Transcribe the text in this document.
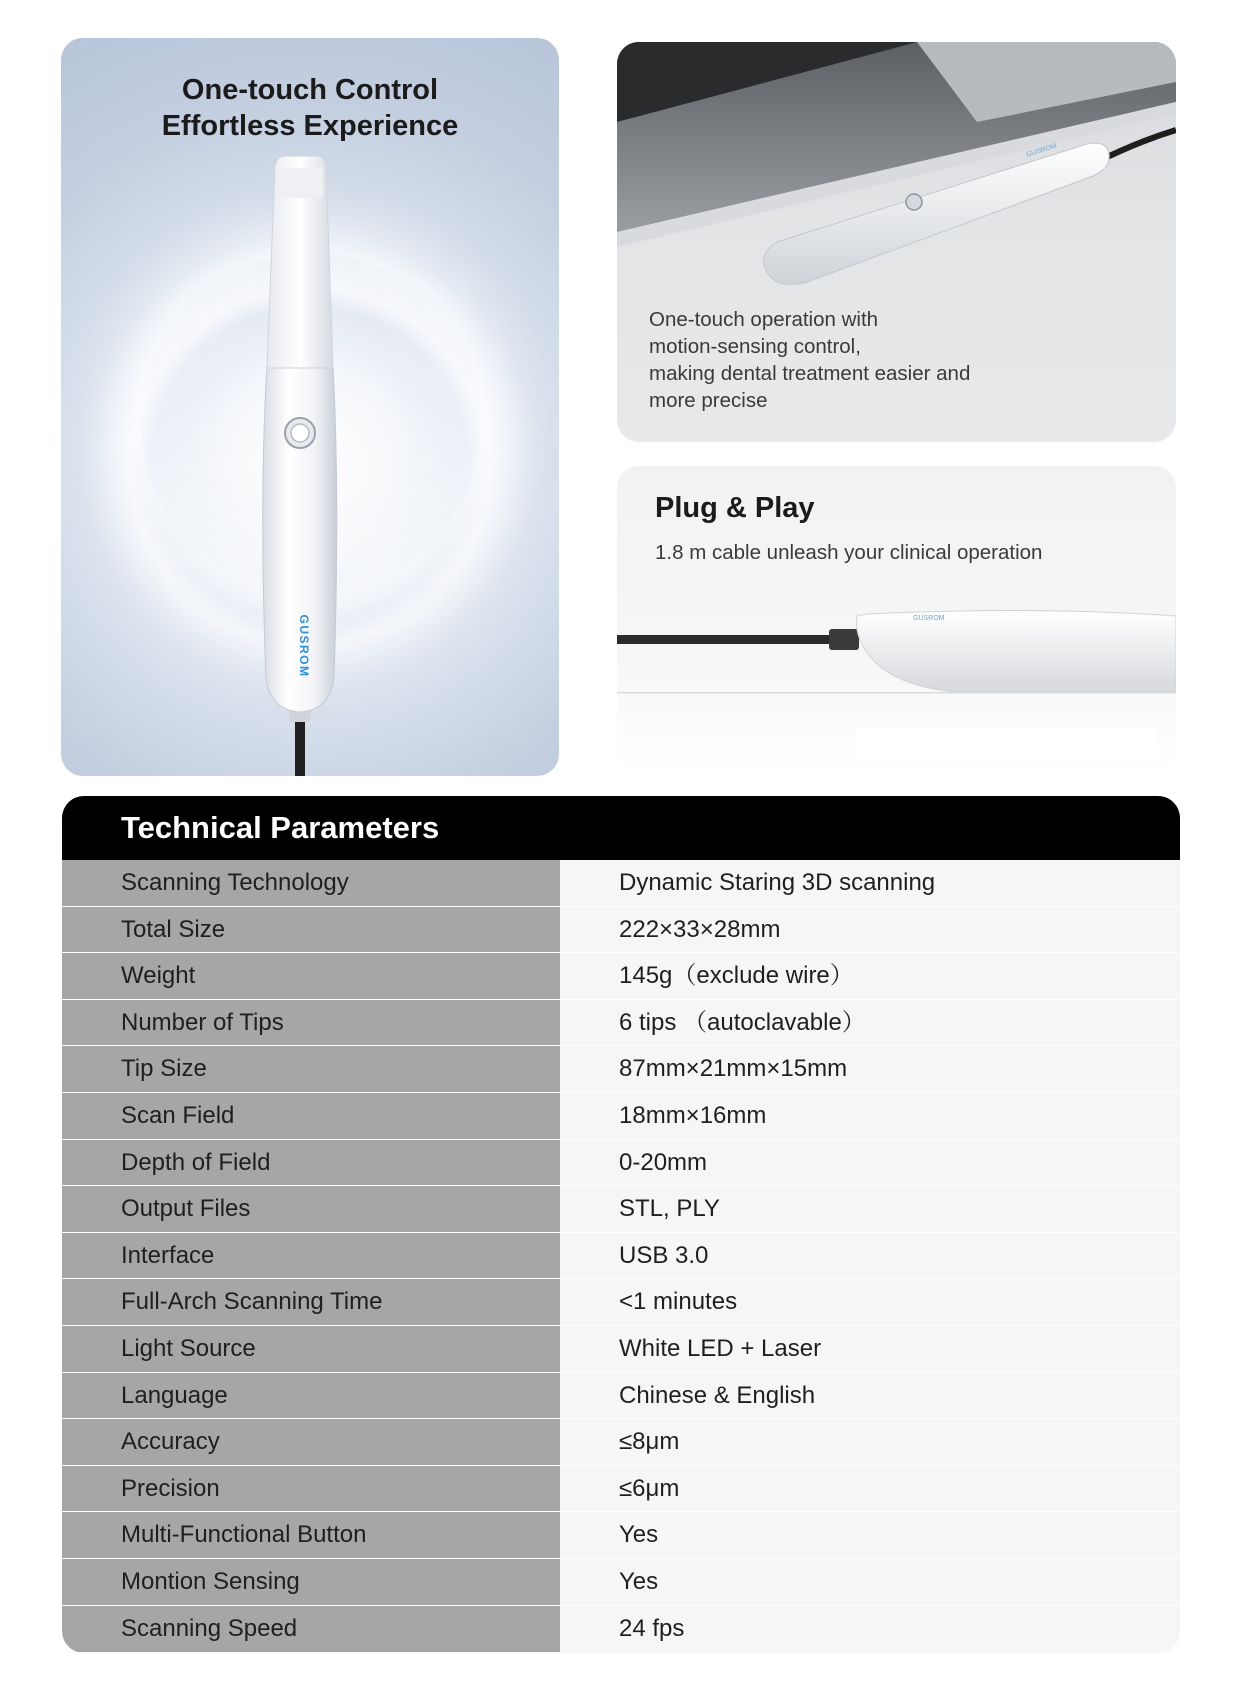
One-touch Control
Effortless Experience
GUSROM
GUSROM
One-touch operation with
motion-sensing control,
making dental treatment easier and
more precise
Plug & Play
1.8 m cable unleash your clinical operation
GUSROM
Technical Parameters
Scanning Technology	Dynamic Staring 3D scanning
Total Size	222×33×28mm
Weight	145g（exclude wire）
Number of Tips	6 tips （autoclavable）
Tip Size	87mm×21mm×15mm
Scan Field	18mm×16mm
Depth of Field	0-20mm
Output Files	STL, PLY
Interface	USB 3.0
Full-Arch Scanning Time	<1 minutes
Light Source	White LED + Laser
Language	Chinese & English
Accuracy	≤8μm
Precision	≤6μm
Multi-Functional Button	Yes
Montion Sensing	Yes
Scanning Speed	24 fps
